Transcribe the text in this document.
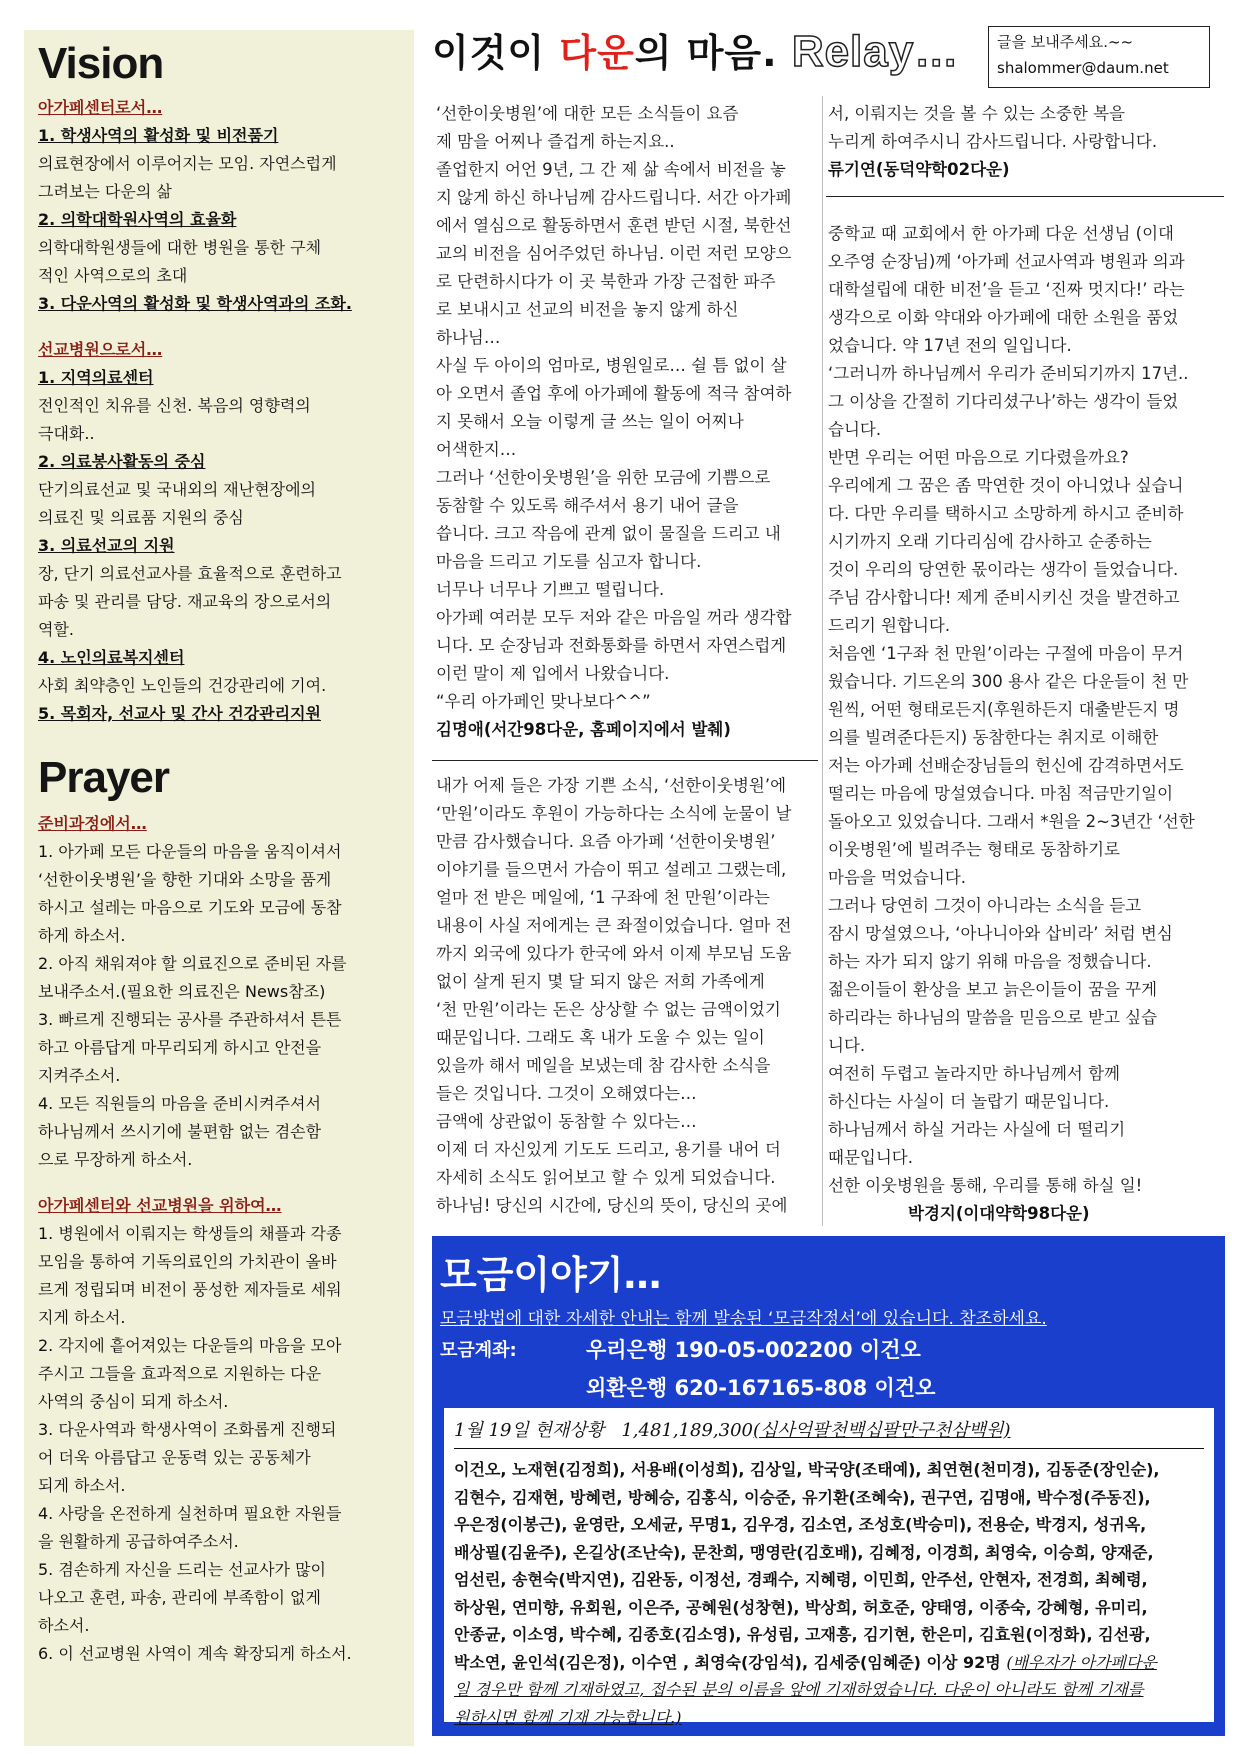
Vision
아가페센터로서…
1. 학생사역의 활성화 및 비전품기
의료현장에서 이루어지는 모임. 자연스럽게
그려보는 다운의 삶
2. 의학대학원사역의 효율화
의학대학원생들에 대한 병원을 통한 구체
적인 사역으로의 초대
3. 다운사역의 활성화 및 학생사역과의 조화.
선교병원으로서…
1. 지역의료센터
전인적인 치유를 신천. 복음의 영향력의
극대화..
2. 의료봉사활동의 중심
단기의료선교 및 국내외의 재난현장에의
의료진 및 의료품 지원의 중심
3. 의료선교의 지원
장, 단기 의료선교사를 효율적으로 훈련하고
파송 및 관리를 담당. 재교육의 장으로서의
역할.
4. 노인의료복지센터
사회 최약층인 노인들의 건강관리에 기여.
5. 목회자, 선교사 및 간사 건강관리지원
Prayer
준비과정에서…
1. 아가페 모든 다운들의 마음을 움직이셔서
‘선한이웃병원’을 향한 기대와 소망을 품게
하시고 설레는 마음으로 기도와 모금에 동참
하게 하소서.
2. 아직 채워져야 할 의료진으로 준비된 자를
보내주소서.(필요한 의료진은 News참조)
3. 빠르게 진행되는 공사를 주관하셔서 튼튼
하고 아름답게 마무리되게 하시고 안전을
지켜주소서.
4. 모든 직원들의 마음을 준비시켜주셔서
하나님께서 쓰시기에 불편함 없는 겸손함
으로 무장하게 하소서.
아가페센터와 선교병원을 위하여…
1. 병원에서 이뤄지는 학생들의 채플과 각종
모임을 통하여 기독의료인의 가치관이 올바
르게 정립되며 비전이 풍성한 제자들로 세워
지게 하소서.
2. 각지에 흩어져있는 다운들의 마음을 모아
주시고 그들을 효과적으로 지원하는 다운
사역의 중심이 되게 하소서.
3. 다운사역과 학생사역이 조화롭게 진행되
어 더욱 아름답고 운동력 있는 공동체가
되게 하소서.
4. 사랑을 온전하게 실천하며 필요한 자원들
을 원활하게 공급하여주소서.
5. 겸손하게 자신을 드리는 선교사가 많이
나오고 훈련, 파송, 관리에 부족함이 없게
하소서.
6. 이 선교병원 사역이 계속 확장되게 하소서.
이것이 다운의 마음. Relay…	글을 보내주세요.~~
shalommer@daum.net

‘선한이웃병원’에 대한 모든 소식들이 요즘

제 맘을 어찌나 즐겁게 하는지요..

졸업한지 어언 9년, 그 간 제 삶 속에서 비전을 놓

지 않게 하신 하나님께 감사드립니다. 서간 아가페

에서 열심으로 활동하면서 훈련 받던 시절, 북한선

교의 비전을 심어주었던 하나님. 이런 저런 모양으

로 단련하시다가 이 곳 북한과 가장 근접한 파주

로 보내시고 선교의 비전을 놓지 않게 하신

하나님…

사실 두 아이의 엄마로, 병원일로… 쉴 틈 없이 살

아 오면서 졸업 후에 아가페에 활동에 적극 참여하

지 못해서 오늘 이렇게 글 쓰는 일이 어찌나

어색한지…

그러나 ‘선한이웃병원’을 위한 모금에 기쁨으로

동참할 수 있도록 해주셔서 용기 내어 글을

씁니다. 크고 작음에 관계 없이 물질을 드리고 내

마음을 드리고 기도를 심고자 합니다.

너무나 너무나 기쁘고 떨립니다.

아가페 여러분 모두 저와 같은 마음일 꺼라 생각합

니다. 모 순장님과 전화통화를 하면서 자연스럽게

이런 말이 제 입에서 나왔습니다.

“우리 아가페인 맞나보다^^”

김명애(서간98다운, 홈페이지에서 발췌)

내가 어제 들은 가장 기쁜 소식, ‘선한이웃병원’에

‘만원’이라도 후원이 가능하다는 소식에 눈물이 날

만큼 감사했습니다. 요즘 아가페 ‘선한이웃병원’

이야기를 들으면서 가슴이 뛰고 설레고 그랬는데,

얼마 전 받은 메일에, ‘1 구좌에 천 만원’이라는

내용이 사실 저에게는 큰 좌절이었습니다. 얼마 전

까지 외국에 있다가 한국에 와서 이제 부모님 도움

없이 살게 된지 몇 달 되지 않은 저희 가족에게

‘천 만원’이라는 돈은 상상할 수 없는 금액이었기

때문입니다. 그래도 혹 내가 도울 수 있는 일이

있을까 해서 메일을 보냈는데 참 감사한 소식을

들은 것입니다. 그것이 오해였다는…

금액에 상관없이 동참할 수 있다는…

이제 더 자신있게 기도도 드리고, 용기를 내어 더

자세히 소식도 읽어보고 할 수 있게 되었습니다.

하나님! 당신의 시간에, 당신의 뜻이, 당신의 곳에

서, 이뤄지는 것을 볼 수 있는 소중한 복을

누리게 하여주시니 감사드립니다. 사랑합니다.

류기연(동덕약학02다운)

중학교 때 교회에서 한 아가페 다운 선생님 (이대

오주영 순장님)께 ‘아가페 선교사역과 병원과 의과

대학설립에 대한 비전’을 듣고 ‘진짜 멋지다!’ 라는

생각으로 이화 약대와 아가페에 대한 소원을 품었

었습니다. 약 17년 전의 일입니다.

‘그러니까 하나님께서 우리가 준비되기까지 17년..

그 이상을 간절히 기다리셨구나’하는 생각이 들었

습니다.

반면 우리는 어떤 마음으로 기다렸을까요?

우리에게 그 꿈은 좀 막연한 것이 아니었나 싶습니

다. 다만 우리를 택하시고 소망하게 하시고 준비하

시기까지 오래 기다리심에 감사하고 순종하는

것이 우리의 당연한 몫이라는 생각이 들었습니다.

주님 감사합니다! 제게 준비시키신 것을 발견하고

드리기 원합니다.

처음엔 ‘1구좌 천 만원’이라는 구절에 마음이 무거

웠습니다. 기드온의 300 용사 같은 다운들이 천 만

원씩, 어떤 형태로든지(후원하든지 대출받든지 명

의를 빌려준다든지) 동참한다는 취지로 이해한

저는 아가페 선배순장님들의 헌신에 감격하면서도

떨리는 마음에 망설였습니다. 마침 적금만기일이

돌아오고 있었습니다. 그래서 *원을 2~3년간 ‘선한

이웃병원’에 빌려주는 형태로 동참하기로

마음을 먹었습니다.

그러나 당연히 그것이 아니라는 소식을 듣고

잠시 망설였으나, ‘아나니아와 삽비라’ 처럼 변심

하는 자가 되지 않기 위해 마음을 정했습니다.

젊은이들이 환상을 보고 늙은이들이 꿈을 꾸게

하리라는 하나님의 말씀을 믿음으로 받고 싶습

니다.

여전히 두렵고 놀라지만 하나님께서 함께

하신다는 사실이 더 놀랍기 때문입니다.

하나님께서 하실 거라는 사실에 더 떨리기

때문입니다.

선한 이웃병원을 통해, 우리를 통해 하실 일!

박경지(이대약학98다운)

모금이야기…
모금방법에 대한 자세한 안내는 함께 발송된 ‘모금작정서’에 있습니다. 참조하세요.
모금계좌:	우리은행 190-05-002200 이건오
외환은행 620-167165-808 이건오
1월 19일 현재상황 1,481,189,300(십사억팔천백십팔만구천삼백원)
이건오, 노재현(김정희), 서용배(이성희), 김상일, 박국양(조태예), 최연현(천미경), 김동준(장인순),
김현수, 김재현, 방혜련, 방혜승, 김홍식, 이승준, 유기환(조혜숙), 권구연, 김명애, 박수정(주동진),
우은정(이봉근), 윤영란, 오세균, 무명1, 김우경, 김소연, 조성호(박승미), 전용순, 박경지, 성귀옥,
배상필(김윤주), 온길상(조난숙), 문찬희, 맹영란(김호배), 김혜정, 이경희, 최영숙, 이승희, 양재준,
엄선린, 송현숙(박지연), 김완동, 이정선, 경쾌수, 지혜령, 이민희, 안주선, 안현자, 전경희, 최혜령,
하상원, 연미향, 유회원, 이은주, 공혜원(성창현), 박상희, 허호준, 양태영, 이종숙, 강혜형, 유미리,
안종균, 이소영, 박수혜, 김종호(김소영), 유성림, 고재흥, 김기현, 한은미, 김효원(이정화), 김선광,
박소연, 윤인석(김은정), 이수연 , 최영숙(강임석), 김세중(임혜준) 이상 92명 (배우자가 아가페다운
일 경우만 함께 기재하였고, 접수된 분의 이름을 앞에 기재하였습니다. 다운이 아니라도 함께 기재를
원하시면 함께 기재 가능합니다.)
